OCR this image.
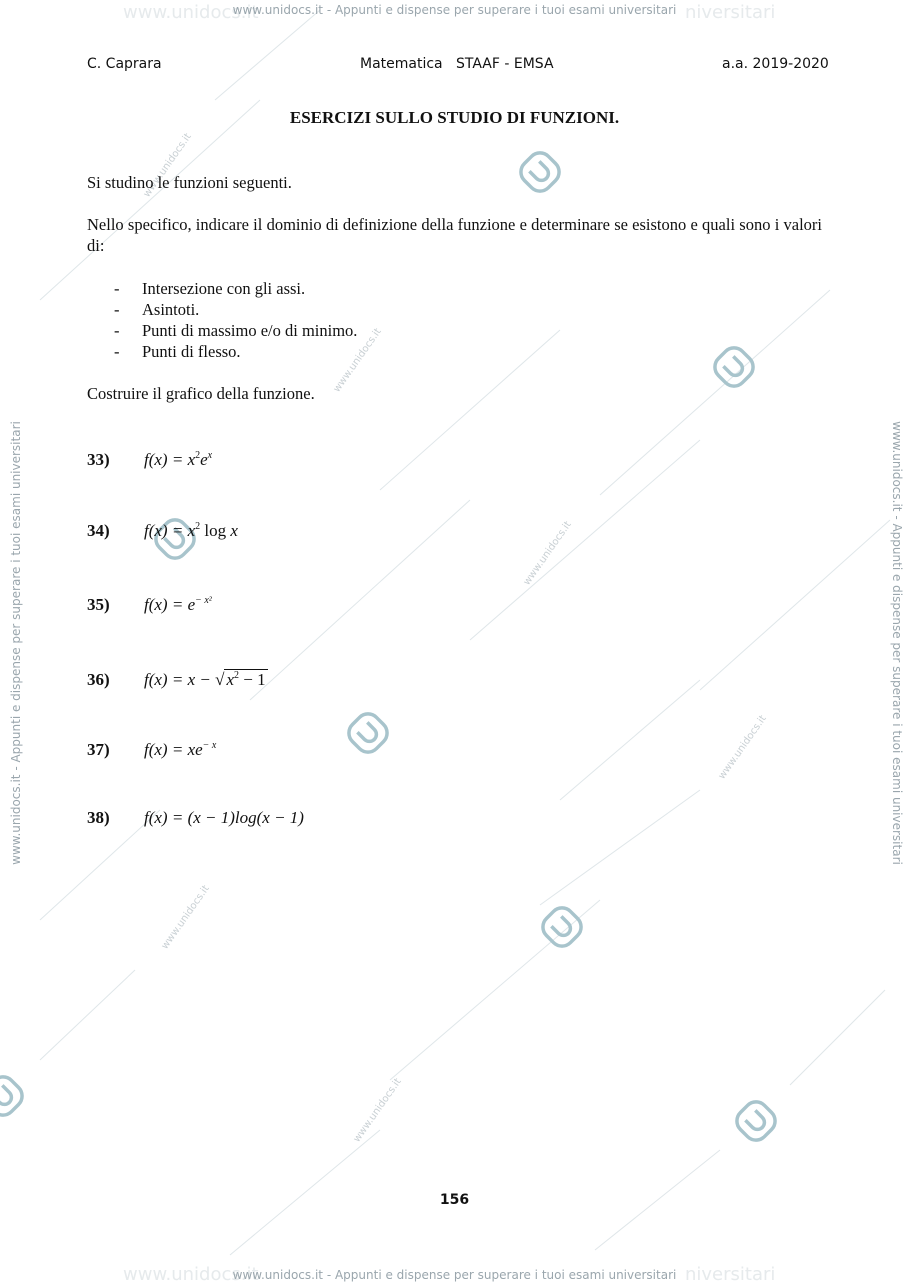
www.unidocs.it	niversitari
www.unidocs.it	niversitari
www.unidocs.it - Appunti e dispense per superare i tuoi esami universitari
www.unidocs.it - Appunti e dispense per superare i tuoi esami universitari
www.unidocs.it - Appunti e dispense per superare i tuoi esami universitari	www.unidocs.it - Appunti e dispense per superare i tuoi esami universitari
www.unidocs.it
www.unidocs.it
www.unidocs.it
www.unidocs.it
www.unidocs.it
www.unidocs.it
C. Caprara	Matematica   STAAF - EMSA	a.a. 2019-2020
ESERCIZI SULLO STUDIO DI FUNZIONI.
Si studino le funzioni seguenti.
Nello specifico, indicare il dominio di definizione della funzione e determinare se esistono e quali sono i valori di:
- Intersezione con gli assi.
- Asintoti.
- Punti di massimo e/o di minimo.
- Punti di flesso.
Costruire il grafico della funzione.
33) $f(x) = x^2e^x$
34) $f(x) = x^2$ log x
35) $f(x) = e^{- x^2}$
36) f(x) = x − √ $x^2 - 1$
37) $f(x) = xe^{- x}$
38) f(x) = (x − 1)log(x − 1)
156
